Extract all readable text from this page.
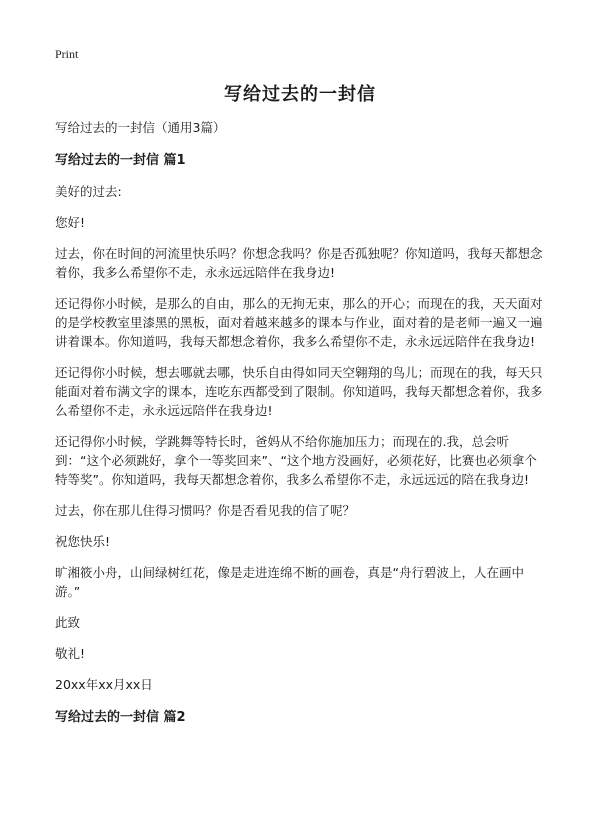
Print
写给过去的一封信

写给过去的一封信（通用3篇）

写给过去的一封信 篇1

美好的过去:

您好!

过去，你在时间的河流里快乐吗？你想念我吗？你是否孤独呢？你知道吗，我每天都想念着你，我多么希望你不走，永永远远陪伴在我身边!

还记得你小时候，是那么的自由，那么的无拘无束，那么的开心；而现在的我，天天面对的是学校教室里漆黑的黑板，面对着越来越多的课本与作业，面对着的是老师一遍又一遍讲着课本。你知道吗，我每天都想念着你，我多么希望你不走，永永远远陪伴在我身边!

还记得你小时候，想去哪就去哪，快乐自由得如同天空翱翔的鸟儿；而现在的我，每天只能面对着布满文字的课本，连吃东西都受到了限制。你知道吗，我每天都想念着你，我多么希望你不走，永永远远陪伴在我身边!

还记得你小时候，学跳舞等特长时，爸妈从不给你施加压力；而现在的.我，总会听到：“这个必须跳好，拿个一等奖回来”、“这个地方没画好，必须花好，比赛也必须拿个特等奖”。你知道吗，我每天都想念着你，我多么希望你不走，永远远远的陪在我身边!

过去，你在那儿住得习惯吗？你是否看见我的信了呢？

祝您快乐!

旷湘筱小舟，山间绿树红花，像是走进连绵不断的画卷，真是“舟行碧波上，人在画中游。”

此致

敬礼!

20xx年xx月xx日

写给过去的一封信 篇2
